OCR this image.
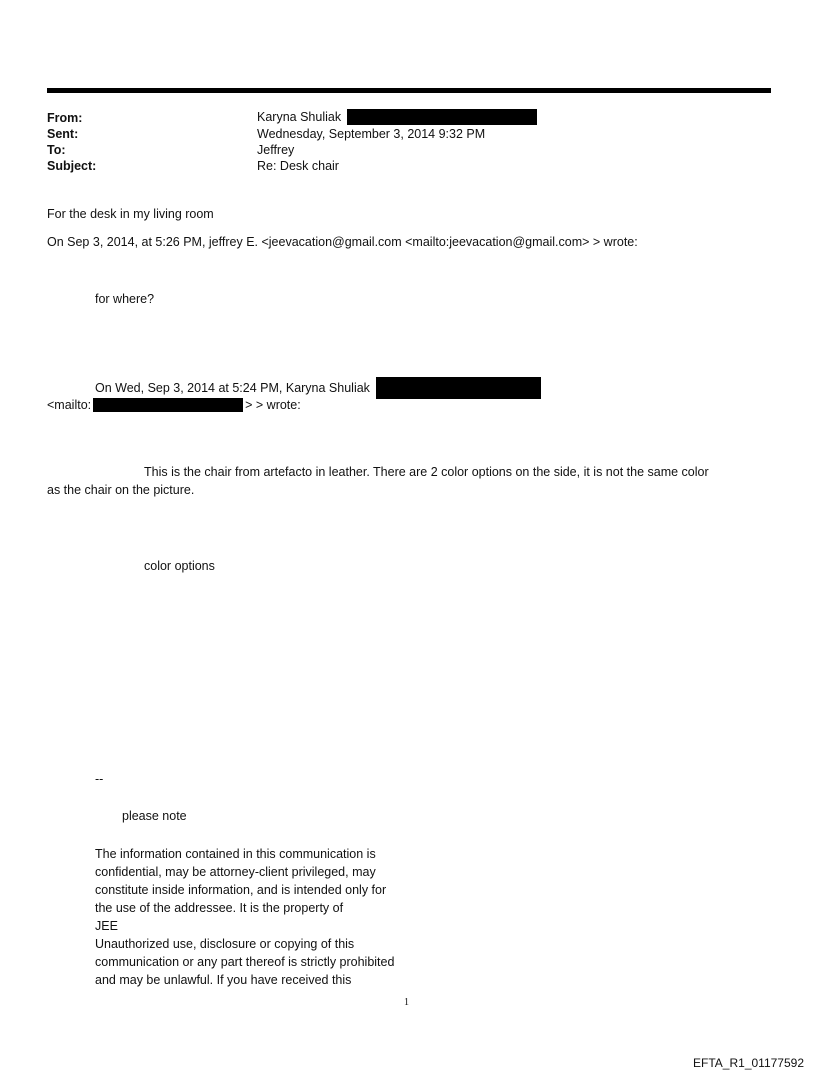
From:	Karyna Shuliak
Sent:	Wednesday, September 3, 2014 9:32 PM
To:	Jeffrey
Subject:	Re: Desk chair
For the desk in my living room
On Sep 3, 2014, at 5:26 PM, jeffrey E. <jeevacation@gmail.com <mailto:jeevacation@gmail.com> > wrote:
for where?
On Wed, Sep 3, 2014 at 5:24 PM, Karyna Shuliak
<mailto:	> > wrote:
This is the chair from artefacto in leather. There are 2 color options on the side, it is not the same color
as the chair on the picture.
color options
--
please note
The information contained in this communication is
confidential, may be attorney-client privileged, may
constitute inside information, and is intended only for
the use of the addressee. It is the property of
JEE
Unauthorized use, disclosure or copying of this
communication or any part thereof is strictly prohibited
and may be unlawful. If you have received this
1
EFTA_R1_01177592
